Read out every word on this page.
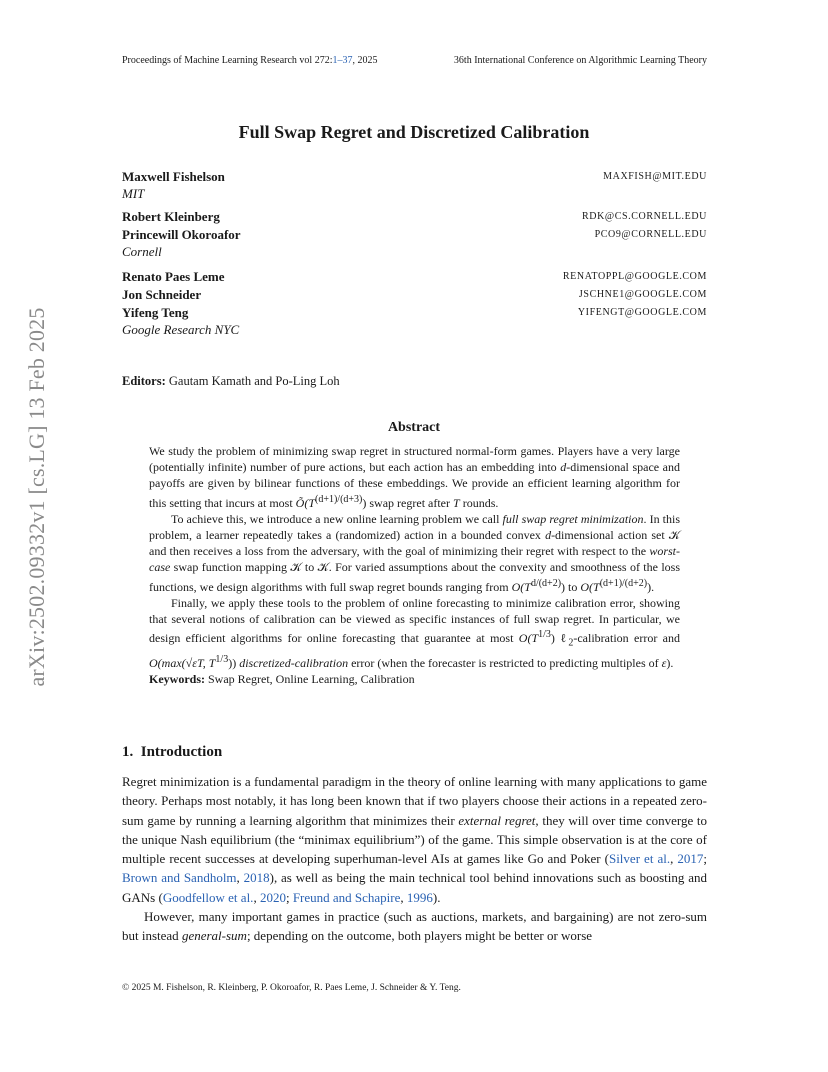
Proceedings of Machine Learning Research vol 272:1–37, 2025	36th International Conference on Algorithmic Learning Theory
arXiv:2502.09332v1 [cs.LG] 13 Feb 2025
Full Swap Regret and Discretized Calibration
Maxwell Fishelson	MAXFISH@MIT.EDU
MIT
Robert Kleinberg	RDK@CS.CORNELL.EDU
Princewill Okoroafor	PCO9@CORNELL.EDU
Cornell
Renato Paes Leme	RENATOPPL@GOOGLE.COM
Jon Schneider	JSCHNE1@GOOGLE.COM
Yifeng Teng	YIFENGT@GOOGLE.COM
Google Research NYC
Editors: Gautam Kamath and Po-Ling Loh
Abstract

We study the problem of minimizing swap regret in structured normal-form games. Players have a very large (potentially infinite) number of pure actions, but each action has an embedding into d-dimensional space and payoffs are given by bilinear functions of these embeddings. We provide an efficient learning algorithm for this setting that incurs at most $Õ(T^{(d+1)/(d+3)})$ swap regret after T rounds.

To achieve this, we introduce a new online learning problem we call full swap regret minimization. In this problem, a learner repeatedly takes a (randomized) action in a bounded convex d-dimensional action set 𝒦 and then receives a loss from the adversary, with the goal of minimizing their regret with respect to the worst-case swap function mapping 𝒦 to 𝒦. For varied assumptions about the convexity and smoothness of the loss functions, we design algorithms with full swap regret bounds ranging from $O(T^{d/(d+2)})$ to $O(T^{(d+1)/(d+2)})$.

Finally, we apply these tools to the problem of online forecasting to minimize calibration error, showing that several notions of calibration can be viewed as specific instances of full swap regret. In particular, we design efficient algorithms for online forecasting that guarantee at most $O(T^{1/3})$ ℓ$_2$-calibration error and O(max(√εT, $T^{1/3}$)) discretized-calibration error (when the forecaster is restricted to predicting multiples of ε).

Keywords: Swap Regret, Online Learning, Calibration

1. Introduction

Regret minimization is a fundamental paradigm in the theory of online learning with many applications to game theory. Perhaps most notably, it has long been known that if two players choose their actions in a repeated zero-sum game by running a learning algorithm that minimizes their external regret, they will over time converge to the unique Nash equilibrium (the “minimax equilibrium”) of the game. This simple observation is at the core of multiple recent successes at developing superhuman-level AIs at games like Go and Poker (Silver et al., 2017; Brown and Sandholm, 2018), as well as being the main technical tool behind innovations such as boosting and GANs (Goodfellow et al., 2020; Freund and Schapire, 1996).

However, many important games in practice (such as auctions, markets, and bargaining) are not zero-sum but instead general-sum; depending on the outcome, both players might be better or worse

© 2025 M. Fishelson, R. Kleinberg, P. Okoroafor, R. Paes Leme, J. Schneider & Y. Teng.
